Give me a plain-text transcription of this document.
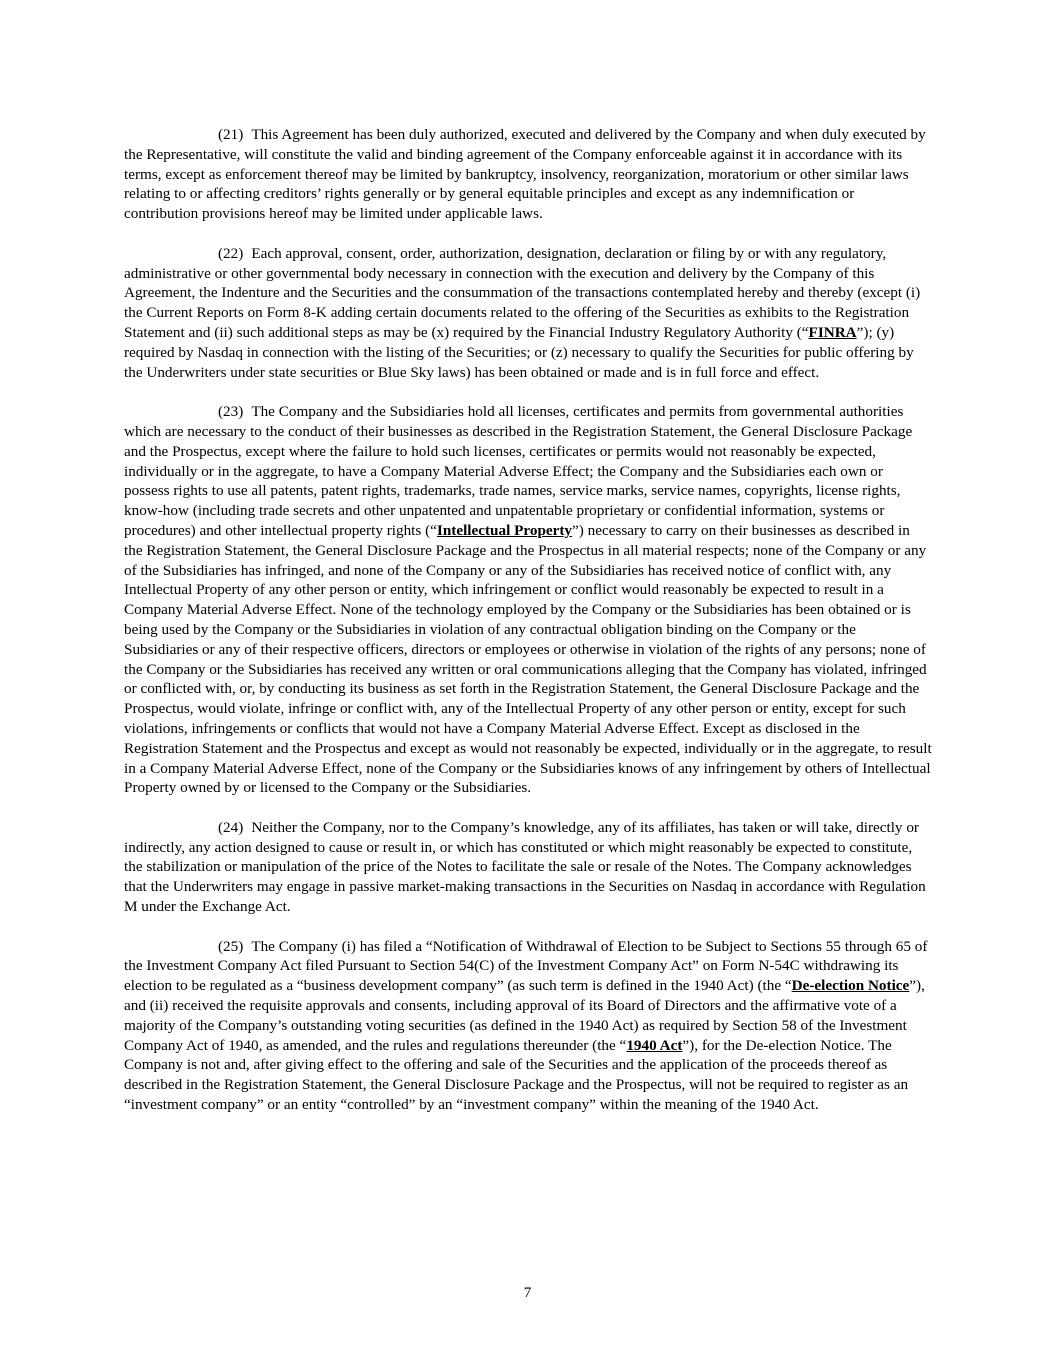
(21) This Agreement has been duly authorized, executed and delivered by the Company and when duly executed by the Representative, will constitute the valid and binding agreement of the Company enforceable against it in accordance with its terms, except as enforcement thereof may be limited by bankruptcy, insolvency, reorganization, moratorium or other similar laws relating to or affecting creditors’ rights generally or by general equitable principles and except as any indemnification or contribution provisions hereof may be limited under applicable laws.

(22) Each approval, consent, order, authorization, designation, declaration or filing by or with any regulatory, administrative or other governmental body necessary in connection with the execution and delivery by the Company of this Agreement, the Indenture and the Securities and the consummation of the transactions contemplated hereby and thereby (except (i) the Current Reports on Form 8-K adding certain documents related to the offering of the Securities as exhibits to the Registration Statement and (ii) such additional steps as may be (x) required by the Financial Industry Regulatory Authority (“FINRA”); (y) required by Nasdaq in connection with the listing of the Securities; or (z) necessary to qualify the Securities for public offering by the Underwriters under state securities or Blue Sky laws) has been obtained or made and is in full force and effect.

(23) The Company and the Subsidiaries hold all licenses, certificates and permits from governmental authorities which are necessary to the conduct of their businesses as described in the Registration Statement, the General Disclosure Package and the Prospectus, except where the failure to hold such licenses, certificates or permits would not reasonably be expected, individually or in the aggregate, to have a Company Material Adverse Effect; the Company and the Subsidiaries each own or possess rights to use all patents, patent rights, trademarks, trade names, service marks, service names, copyrights, license rights, know-how (including trade secrets and other unpatented and unpatentable proprietary or confidential information, systems or procedures) and other intellectual property rights (“Intellectual Property”) necessary to carry on their businesses as described in the Registration Statement, the General Disclosure Package and the Prospectus in all material respects; none of the Company or any of the Subsidiaries has infringed, and none of the Company or any of the Subsidiaries has received notice of conflict with, any Intellectual Property of any other person or entity, which infringement or conflict would reasonably be expected to result in a Company Material Adverse Effect. None of the technology employed by the Company or the Subsidiaries has been obtained or is being used by the Company or the Subsidiaries in violation of any contractual obligation binding on the Company or the Subsidiaries or any of their respective officers, directors or employees or otherwise in violation of the rights of any persons; none of the Company or the Subsidiaries has received any written or oral communications alleging that the Company has violated, infringed or conflicted with, or, by conducting its business as set forth in the Registration Statement, the General Disclosure Package and the Prospectus, would violate, infringe or conflict with, any of the Intellectual Property of any other person or entity, except for such violations, infringements or conflicts that would not have a Company Material Adverse Effect. Except as disclosed in the Registration Statement and the Prospectus and except as would not reasonably be expected, individually or in the aggregate, to result in a Company Material Adverse Effect, none of the Company or the Subsidiaries knows of any infringement by others of Intellectual Property owned by or licensed to the Company or the Subsidiaries.

(24) Neither the Company, nor to the Company’s knowledge, any of its affiliates, has taken or will take, directly or indirectly, any action designed to cause or result in, or which has constituted or which might reasonably be expected to constitute, the stabilization or manipulation of the price of the Notes to facilitate the sale or resale of the Notes. The Company acknowledges that the Underwriters may engage in passive market-making transactions in the Securities on Nasdaq in accordance with Regulation M under the Exchange Act.

(25) The Company (i) has filed a “Notification of Withdrawal of Election to be Subject to Sections 55 through 65 of the Investment Company Act filed Pursuant to Section 54(C) of the Investment Company Act” on Form N-54C withdrawing its election to be regulated as a “business development company” (as such term is defined in the 1940 Act) (the “De-election Notice”), and (ii) received the requisite approvals and consents, including approval of its Board of Directors and the affirmative vote of a majority of the Company’s outstanding voting securities (as defined in the 1940 Act) as required by Section 58 of the Investment Company Act of 1940, as amended, and the rules and regulations thereunder (the “1940 Act”), for the De-election Notice. The Company is not and, after giving effect to the offering and sale of the Securities and the application of the proceeds thereof as described in the Registration Statement, the General Disclosure Package and the Prospectus, will not be required to register as an “investment company” or an entity “controlled” by an “investment company” within the meaning of the 1940 Act.

7
